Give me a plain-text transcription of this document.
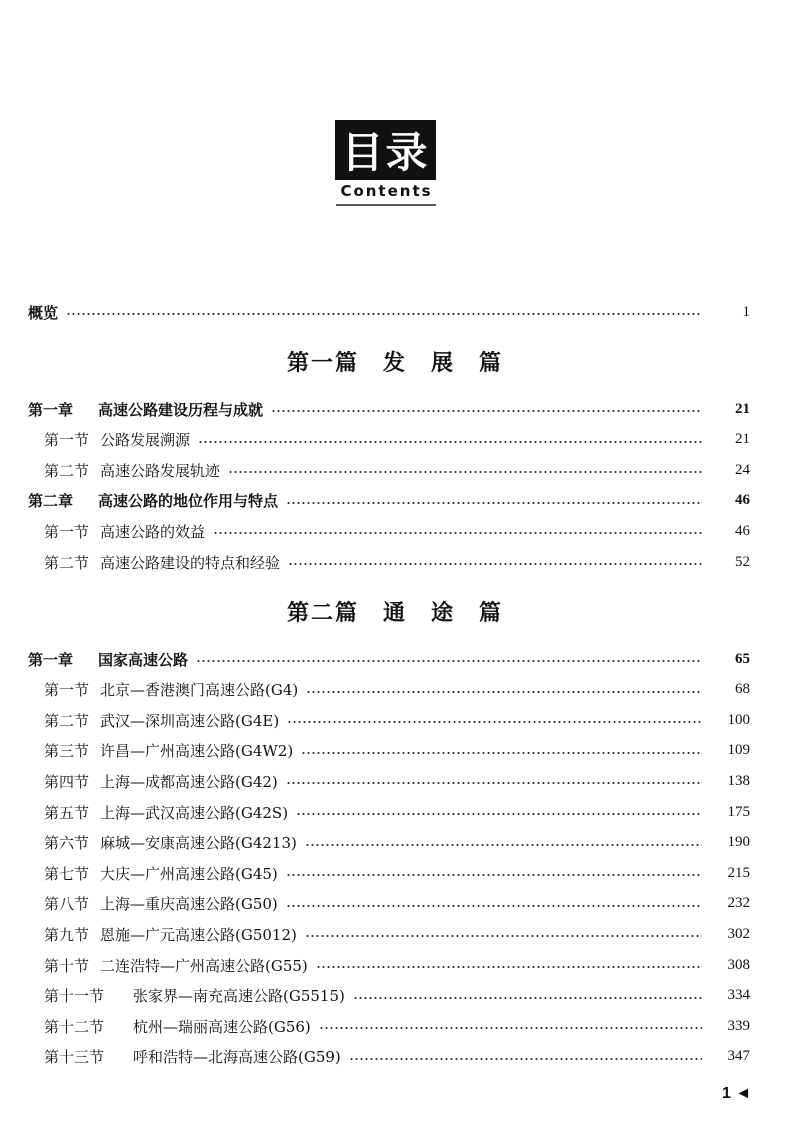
目录
Contents
概览	1
第一篇 发 展 篇
第一章	高速公路建设历程与成就	21
第一节 公路发展溯源	21
第二节 高速公路发展轨迹	24
第二章	高速公路的地位作用与特点	46
第一节 高速公路的效益	46
第二节 高速公路建设的特点和经验	52
第二篇 通 途 篇
第一章	国家高速公路	65
第一节 北京—香港澳门高速公路(G4)	68
第二节 武汉—深圳高速公路(G4E)	100
第三节 许昌—广州高速公路(G4W2)	109
第四节 上海—成都高速公路(G42)	138
第五节 上海—武汉高速公路(G42S)	175
第六节 麻城—安康高速公路(G4213)	190
第七节 大庆—广州高速公路(G45)	215
第八节 上海—重庆高速公路(G50)	232
第九节 恩施—广元高速公路(G5012)	302
第十节 二连浩特—广州高速公路(G55)	308
第十一节	张家界—南充高速公路(G5515)	334
第十二节	杭州—瑞丽高速公路(G56)	339
第十三节	呼和浩特—北海高速公路(G59)	347
1 ◄
